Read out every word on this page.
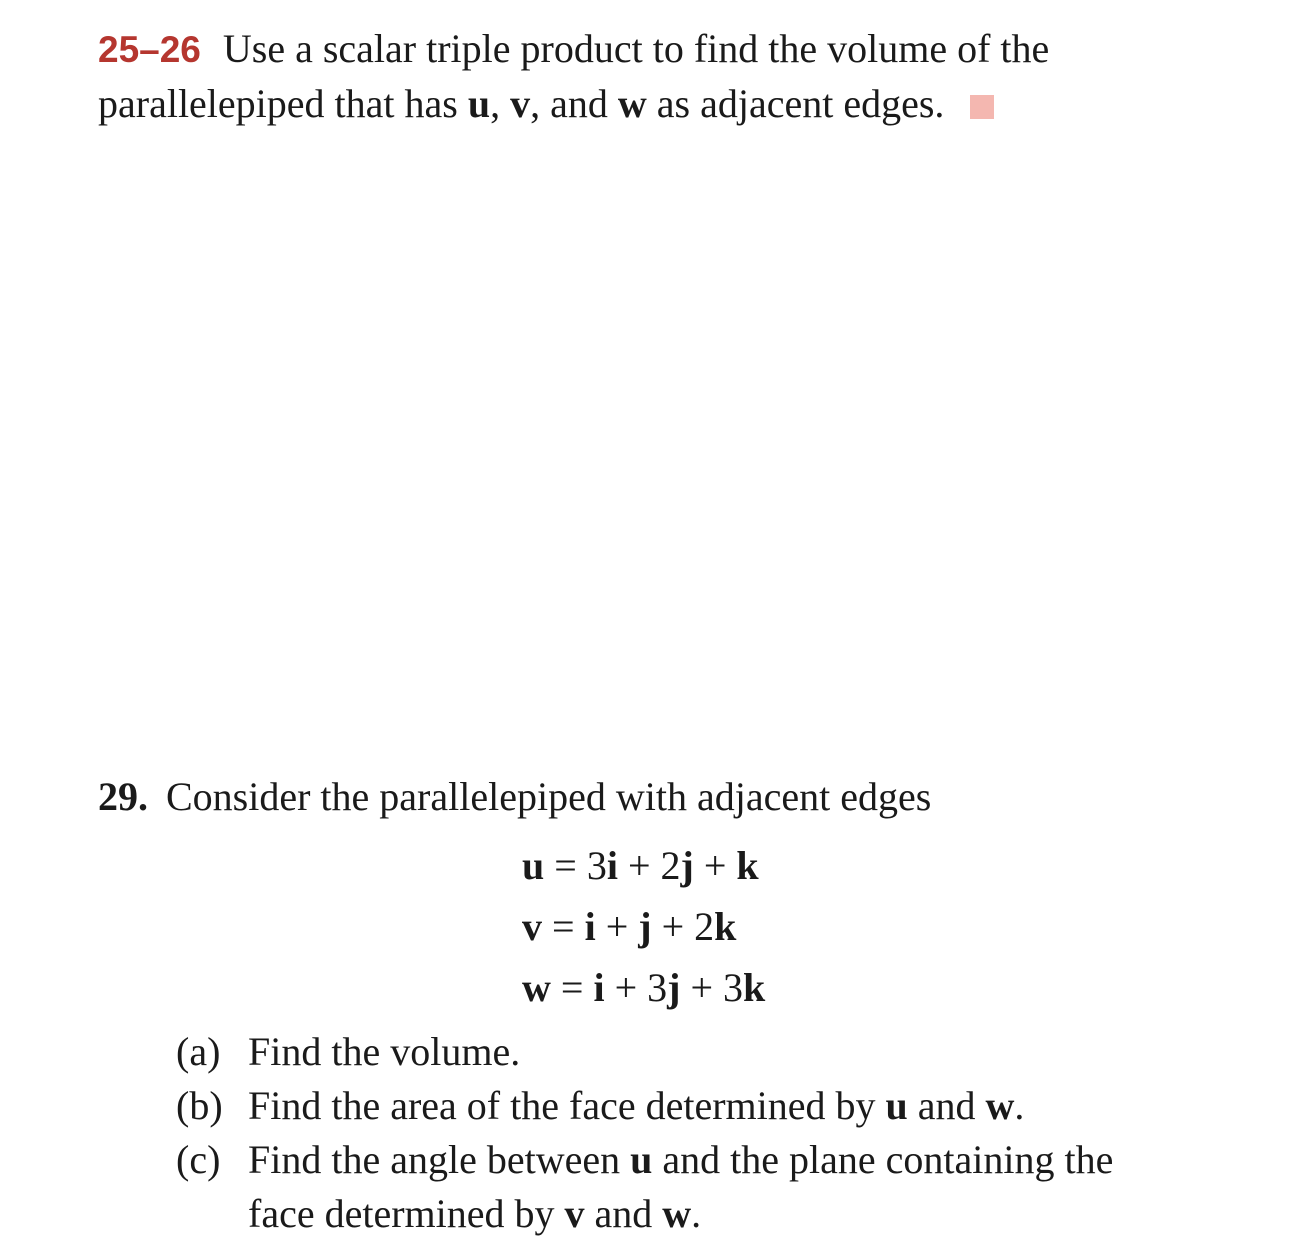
25–26 Use a scalar triple product to find the volume of the
parallelepiped that has u, v, and w as adjacent edges.
29. Consider the parallelepiped with adjacent edges
u = 3i + 2j + k
v = i + j + 2k
w = i + 3j + 3k
(a) Find the volume.
(b) Find the area of the face determined by u and w.
(c) Find the angle between u and the plane containing the
face determined by v and w.
